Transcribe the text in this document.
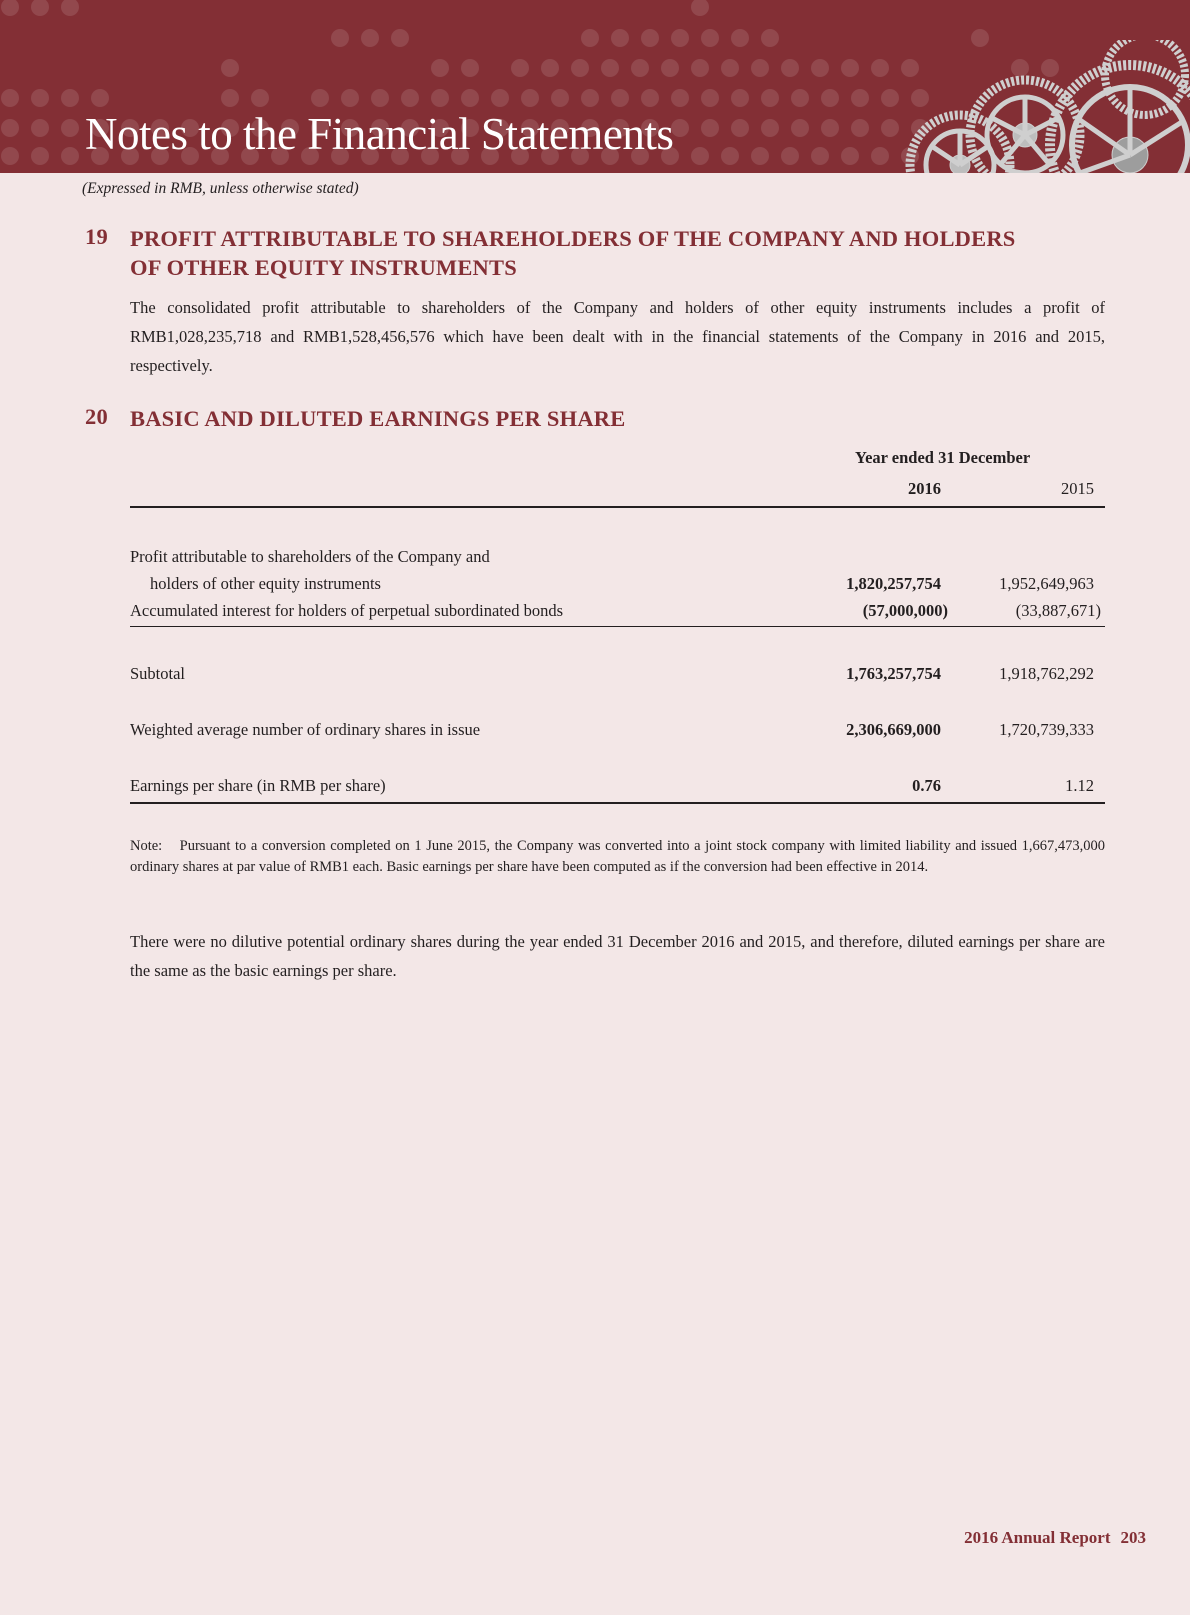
Notes to the Financial Statements
(Expressed in RMB, unless otherwise stated)
19 PROFIT ATTRIBUTABLE TO SHAREHOLDERS OF THE COMPANY AND HOLDERS
OF OTHER EQUITY INSTRUMENTS
The consolidated profit attributable to shareholders of the Company and holders of other equity instruments includes a profit of RMB1,028,235,718 and RMB1,528,456,576 which have been dealt with in the financial statements of the Company in 2016 and 2015, respectively.
20 BASIC AND DILUTED EARNINGS PER SHARE
Year ended 31 December
2016	2015
Profit attributable to shareholders of the Company and
holders of other equity instruments	1,820,257,754	1,952,649,963
Accumulated interest for holders of perpetual subordinated bonds	(57,000,000)	(33,887,671)
Subtotal	1,763,257,754	1,918,762,292
Weighted average number of ordinary shares in issue	2,306,669,000	1,720,739,333
Earnings per share (in RMB per share)	0.76	1.12
Note: Pursuant to a conversion completed on 1 June 2015, the Company was converted into a joint stock company with limited liability and issued 1,667,473,000 ordinary shares at par value of RMB1 each. Basic earnings per share have been computed as if the conversion had been effective in 2014.
There were no dilutive potential ordinary shares during the year ended 31 December 2016 and 2015, and therefore, diluted earnings per share are the same as the basic earnings per share.
2016 Annual Report 203
